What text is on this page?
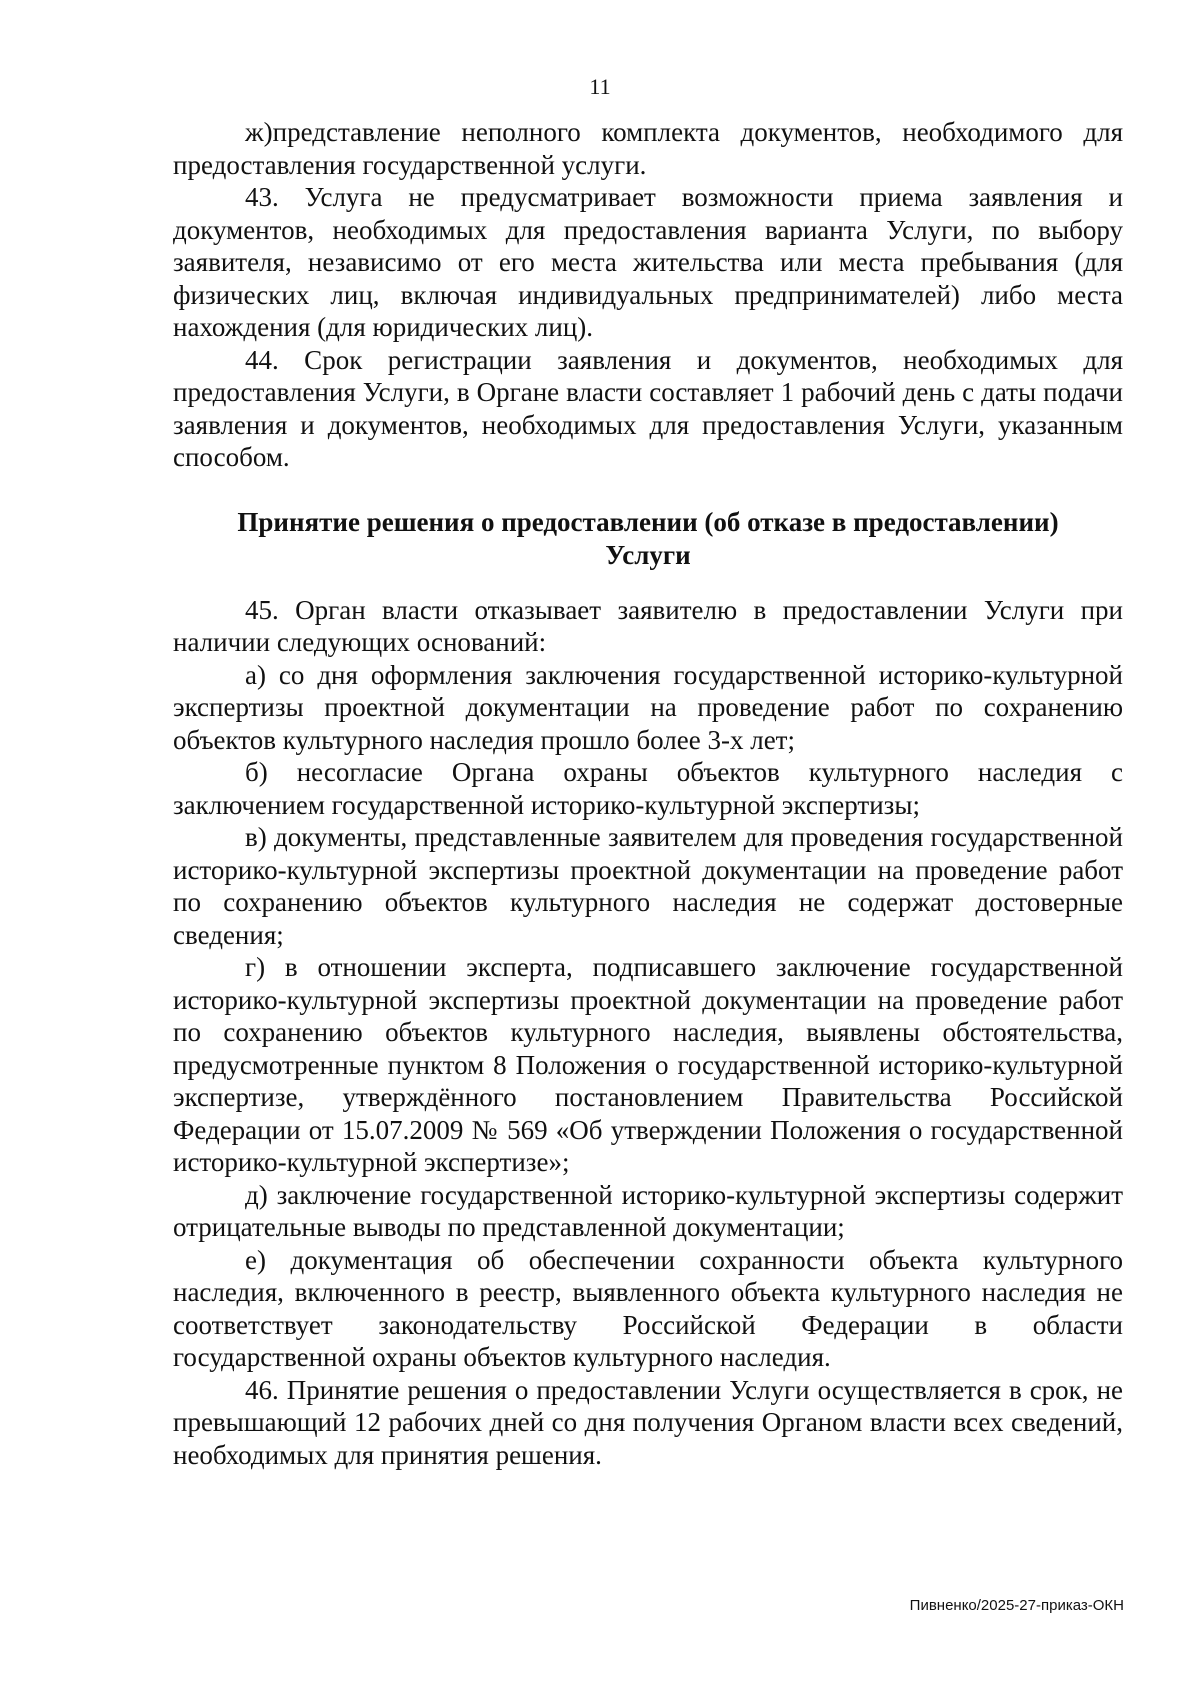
11

ж)представление неполного комплекта документов, необходимого для предоставления государственной услуги.

43. Услуга не предусматривает возможности приема заявления и документов, необходимых для предоставления варианта Услуги, по выбору заявителя, независимо от его места жительства или места пребывания (для физических лиц, включая индивидуальных предпринимателей) либо места нахождения (для юридических лиц).

44. Срок регистрации заявления и документов, необходимых для предоставления Услуги, в Органе власти составляет 1 рабочий день с даты подачи заявления и документов, необходимых для предоставления Услуги, указанным способом.

Принятие решения о предоставлении (об отказе в предоставлении)
Услуги

45. Орган власти отказывает заявителю в предоставлении Услуги при наличии следующих оснований:

а) со дня оформления заключения государственной историко-культурной экспертизы проектной документации на проведение работ по сохранению объектов культурного наследия прошло более 3-х лет;

б) несогласие Органа охраны объектов культурного наследия с заключением государственной историко-культурной экспертизы;

в) документы, представленные заявителем для проведения государственной историко-культурной экспертизы проектной документации на проведение работ по сохранению объектов культурного наследия не содержат достоверные сведения;

г) в отношении эксперта, подписавшего заключение государственной историко-культурной экспертизы проектной документации на проведение работ по сохранению объектов культурного наследия, выявлены обстоятельства, предусмотренные пунктом 8 Положения о государственной историко-культурной экспертизе, утверждённого постановлением Правительства Российской Федерации от 15.07.2009 № 569 «Об утверждении Положения о государственной историко-культурной экспертизе»;

д) заключение государственной историко-культурной экспертизы содержит отрицательные выводы по представленной документации;

е) документация об обеспечении сохранности объекта культурного наследия, включенного в реестр, выявленного объекта культурного наследия не соответствует законодательству Российской Федерации в области государственной охраны объектов культурного наследия.

46. Принятие решения о предоставлении Услуги осуществляется в срок, не превышающий 12 рабочих дней со дня получения Органом власти всех сведений, необходимых для принятия решения.

Пивненко/2025-27-приказ-ОКН
